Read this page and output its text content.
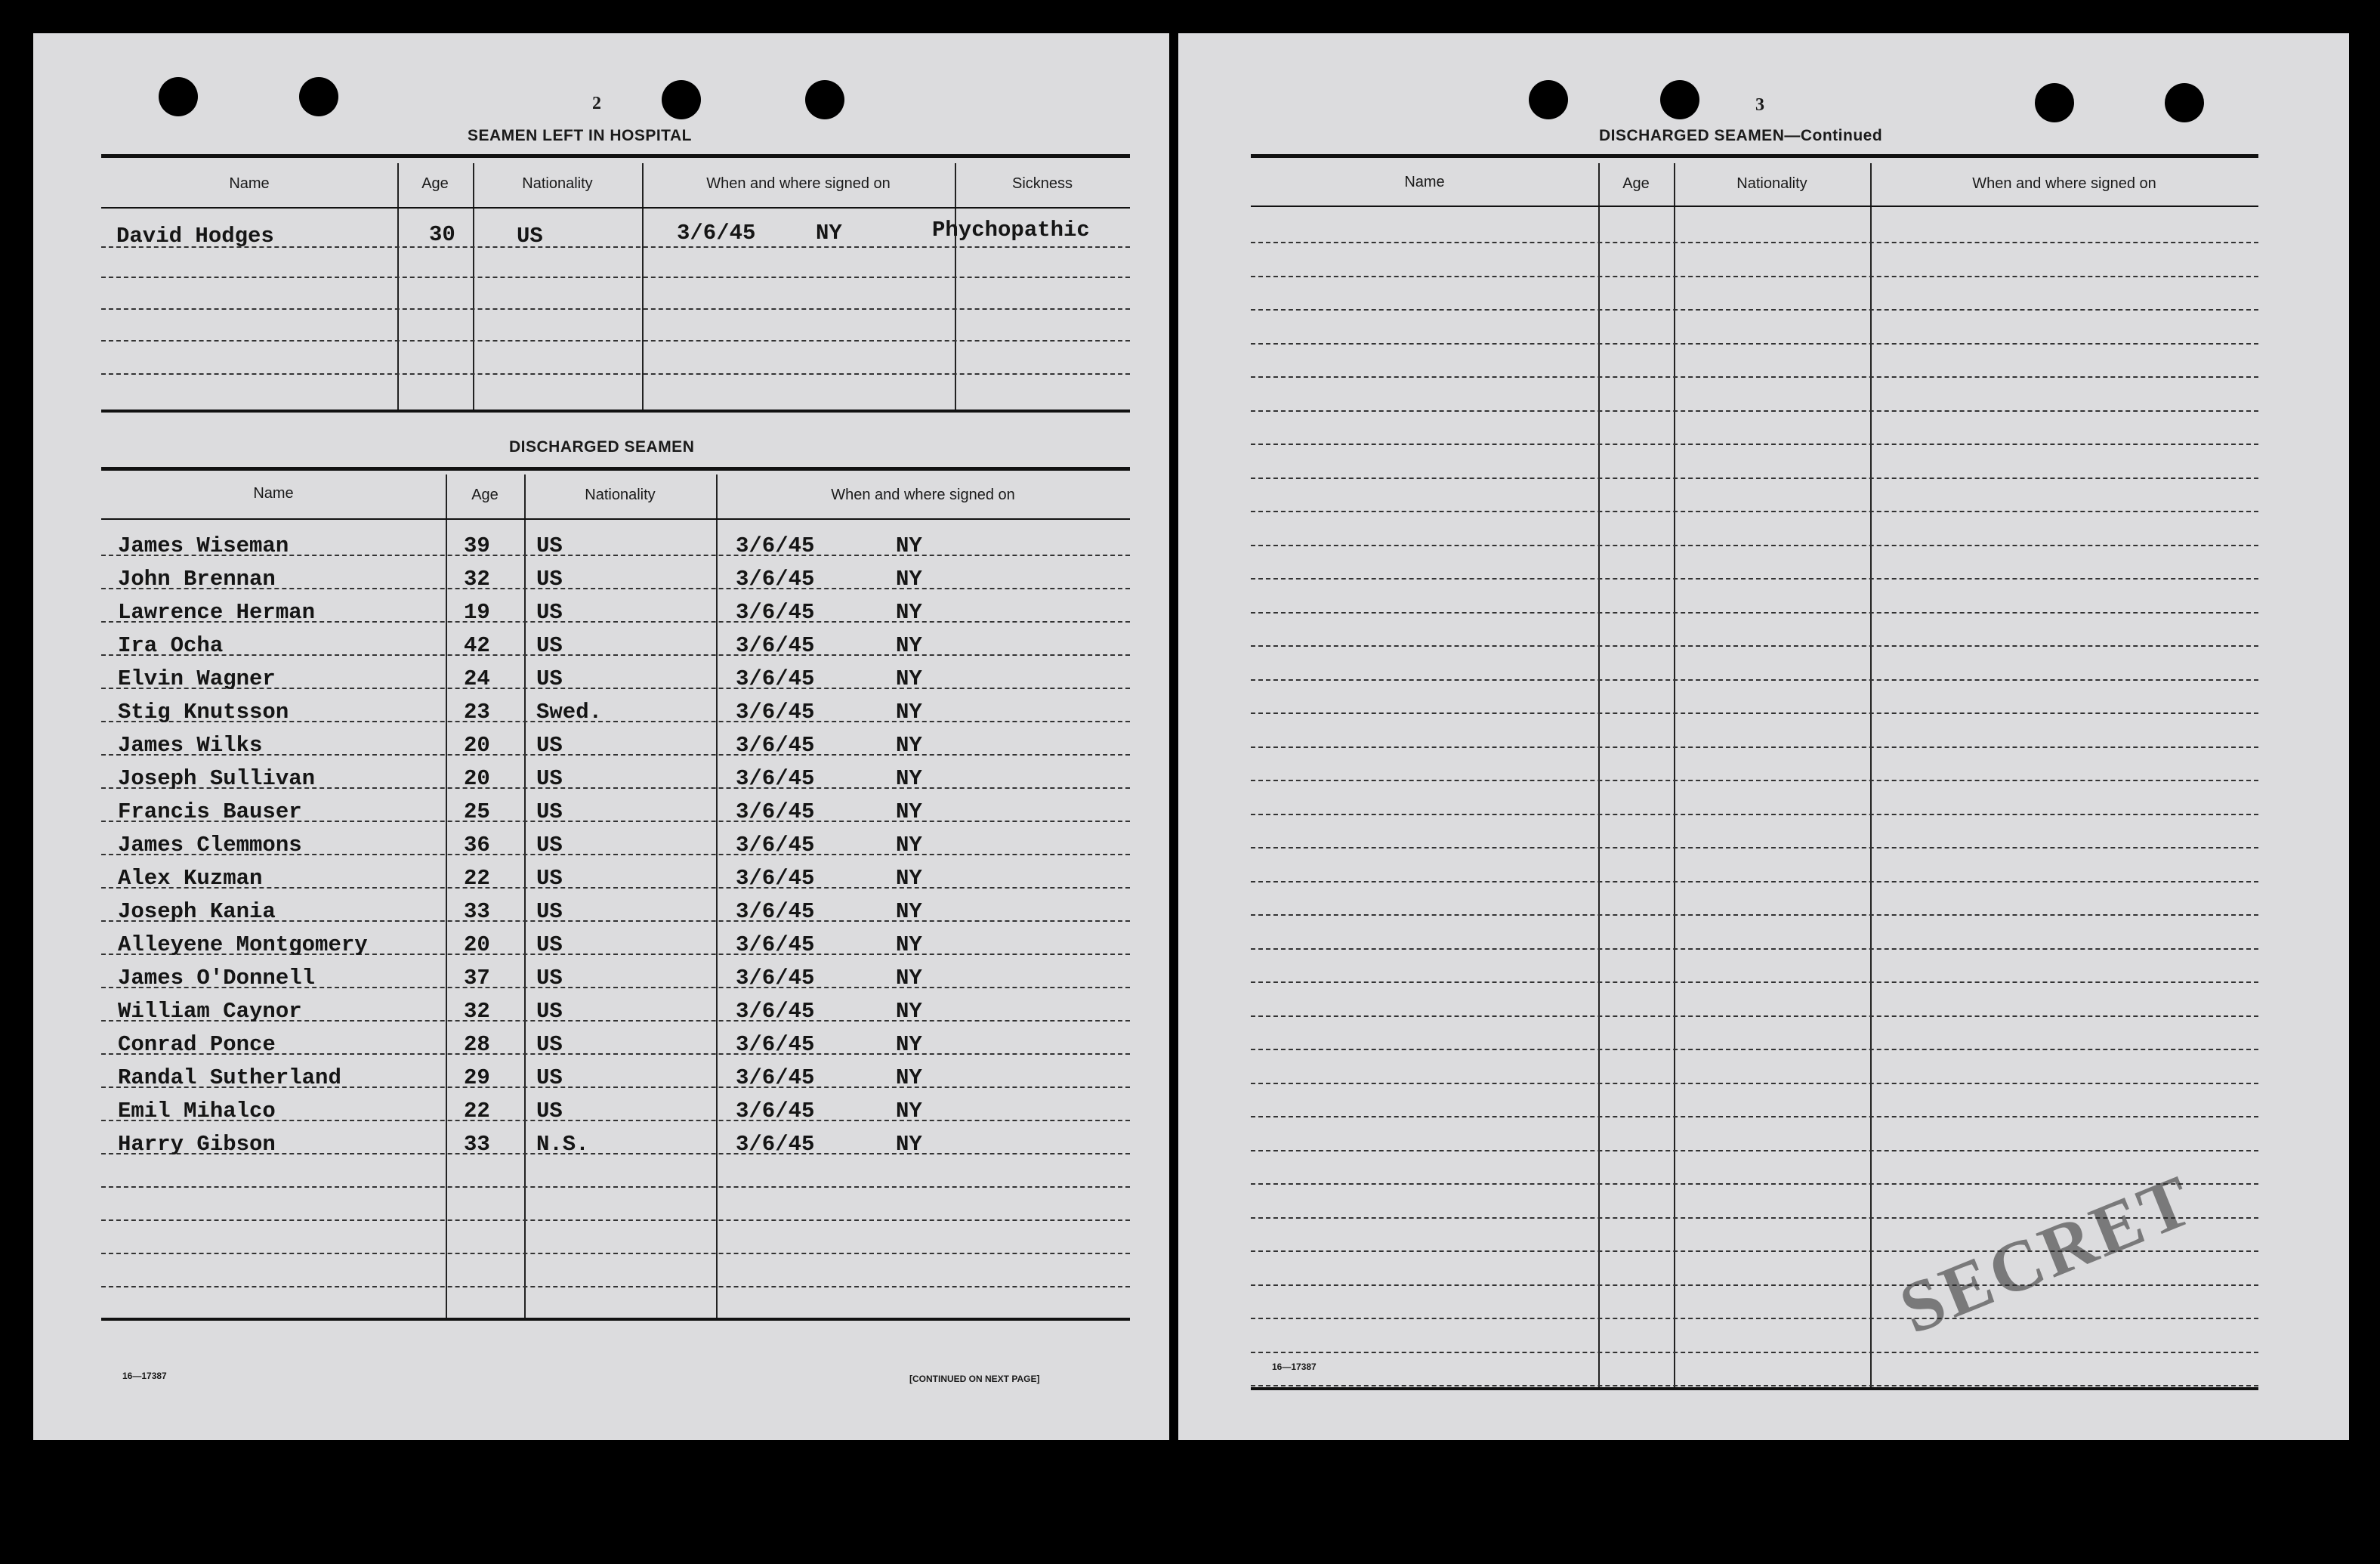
2
SEAMEN LEFT IN HOSPITAL
Name	Age	Nationality	When and where signed on	Sickness
David Hodges	30	US	3/6/45	NY	Phychopathic
DISCHARGED SEAMEN
Name	Age	Nationality	When and where signed on
James Wiseman	39 US	3/6/45	NY
John Brennan	32 US	3/6/45	NY
Lawrence Herman	19 US	3/6/45	NY
Ira Ocha	42 US	3/6/45	NY
Elvin Wagner	24 US	3/6/45	NY
Stig Knutsson	23 Swed.	3/6/45	NY
James Wilks	20 US	3/6/45	NY
Joseph Sullivan	20 US	3/6/45	NY
Francis Bauser	25 US	3/6/45	NY
James Clemmons	36 US	3/6/45	NY
Alex Kuzman	22 US	3/6/45	NY
Joseph Kania	33 US	3/6/45	NY
Alleyene Montgomery	20 US	3/6/45	NY
James O'Donnell	37 US	3/6/45	NY
William Caynor	32 US	3/6/45	NY
Conrad Ponce	28 US	3/6/45	NY
Randal Sutherland	29 US	3/6/45	NY
Emil Mihalco	22 US	3/6/45	NY
Harry Gibson	33 N.S.	3/6/45	NY
16—17387	[CONTINUED ON NEXT PAGE]
3
DISCHARGED SEAMEN—Continued
Name	Age	Nationality	When and where signed on
16—17387
SECRET
